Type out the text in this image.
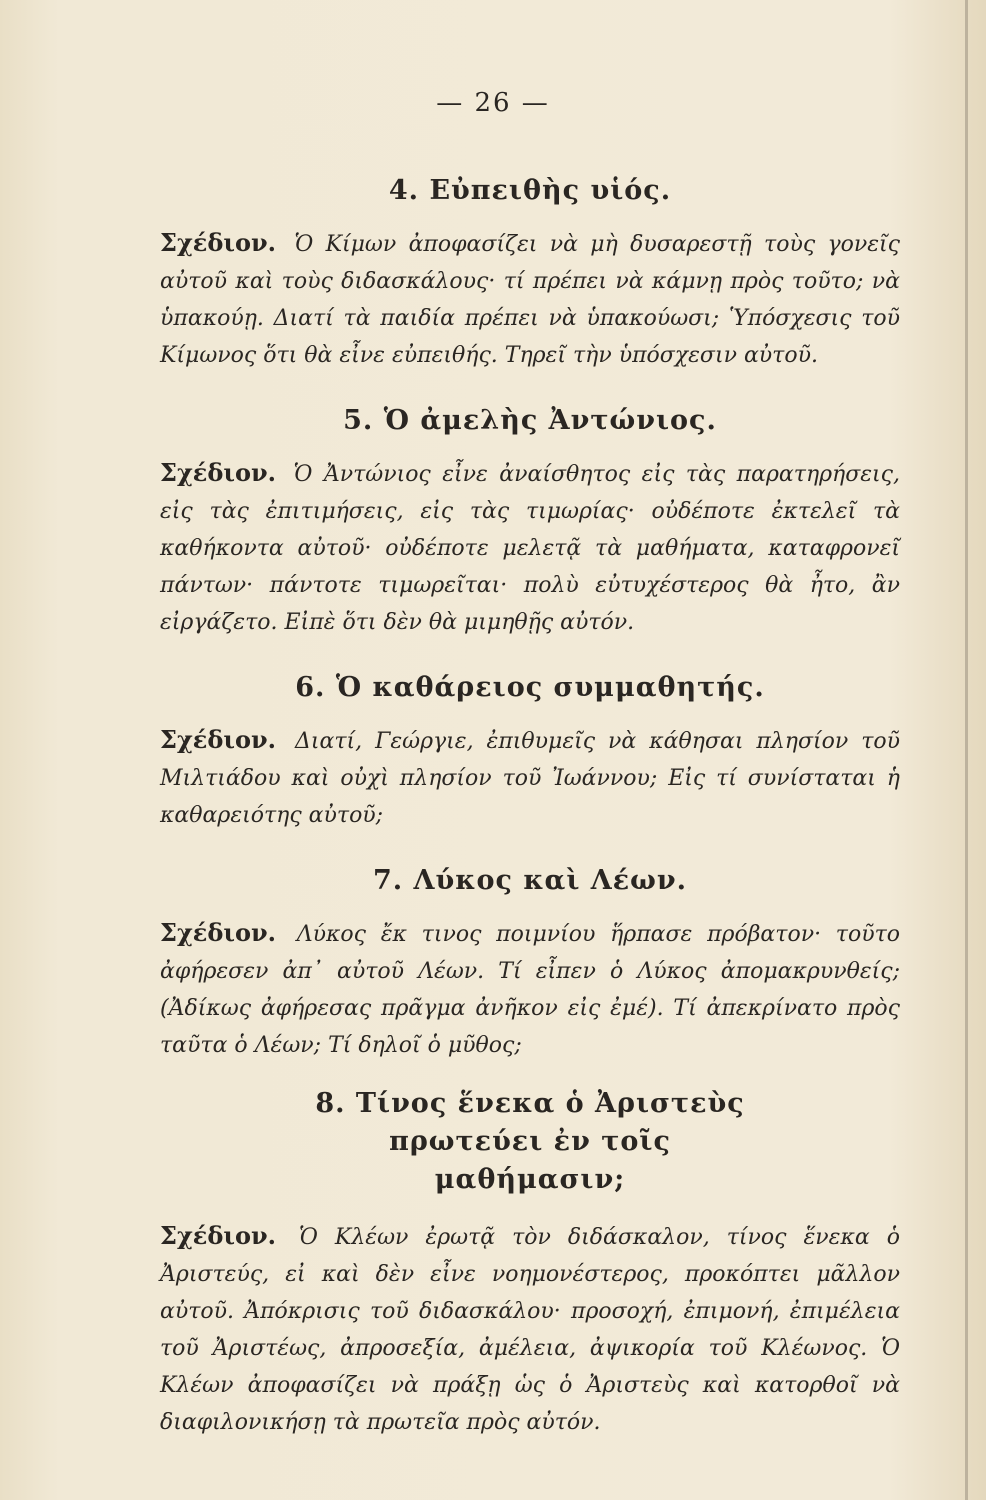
— 26 —
4. Εὐπειθὴς υἱός.
Σχέδιον. Ὁ Κίμων ἀποφασίζει νὰ μὴ δυσαρεστῇ τοὺς γονεῖς αὐτοῦ καὶ τοὺς διδασκάλους· τί πρέπει νὰ κάμνῃ πρὸς τοῦτο; νὰ ὑπακούῃ. Διατί τὰ παιδία πρέπει νὰ ὑπακούωσι; Ὑπόσχεσις τοῦ Κίμωνος ὅτι θὰ εἶνε εὐπειθής. Τηρεῖ τὴν ὑπόσχεσιν αὐτοῦ.
5. Ὁ ἀμελὴς Ἀντώνιος.
Σχέδιον. Ὁ Ἀντώνιος εἶνε ἀναίσθητος εἰς τὰς παρατηρήσεις, εἰς τὰς ἐπιτιμήσεις, εἰς τὰς τιμωρίας· οὐδέποτε ἐκτελεῖ τὰ καθήκοντα αὐτοῦ· οὐδέποτε μελετᾷ τὰ μαθήματα, καταφρονεῖ πάντων· πάντοτε τιμωρεῖται· πολὺ εὐτυχέστερος θὰ ἦτο, ἂν εἰργάζετο. Εἰπὲ ὅτι δὲν θὰ μιμηθῇς αὐτόν.
6. Ὁ καθάρειος συμμαθητής.
Σχέδιον. Διατί, Γεώργιε, ἐπιθυμεῖς νὰ κάθησαι πλησίον τοῦ Μιλτιάδου καὶ οὐχὶ πλησίον τοῦ Ἰωάννου; Εἰς τί συνίσταται ἡ καθαρειότης αὐτοῦ;
7. Λύκος καὶ Λέων.
Σχέδιον. Λύκος ἔκ τινος ποιμνίου ἥρπασε πρόβατον· τοῦτο ἀφήρεσεν ἀπ᾽ αὐτοῦ Λέων. Τί εἶπεν ὁ Λύκος ἀπομακρυνθείς; (Ἀδίκως ἀφήρεσας πρᾶγμα ἀνῆκον εἰς ἐμέ). Τί ἀπεκρίνατο πρὸς ταῦτα ὁ Λέων; Τί δηλοῖ ὁ μῦθος;
8. Τίνος ἕνεκα ὁ Ἀριστεὺς πρωτεύει ἐν τοῖς μαθήμασιν;
Σχέδιον. Ὁ Κλέων ἐρωτᾷ τὸν διδάσκαλον, τίνος ἕνεκα ὁ Ἀριστεύς, εἰ καὶ δὲν εἶνε νοημονέστερος, προκόπτει μᾶλλον αὐτοῦ. Ἀπόκρισις τοῦ διδασκάλου· προσοχή, ἐπιμονή, ἐπιμέλεια τοῦ Ἀριστέως, ἀπροσεξία, ἀμέλεια, ἀψικορία τοῦ Κλέωνος. Ὁ Κλέων ἀποφασίζει νὰ πράξῃ ὡς ὁ Ἀριστεὺς καὶ κατορθοῖ νὰ διαφιλονικήσῃ τὰ πρωτεῖα πρὸς αὐτόν.
